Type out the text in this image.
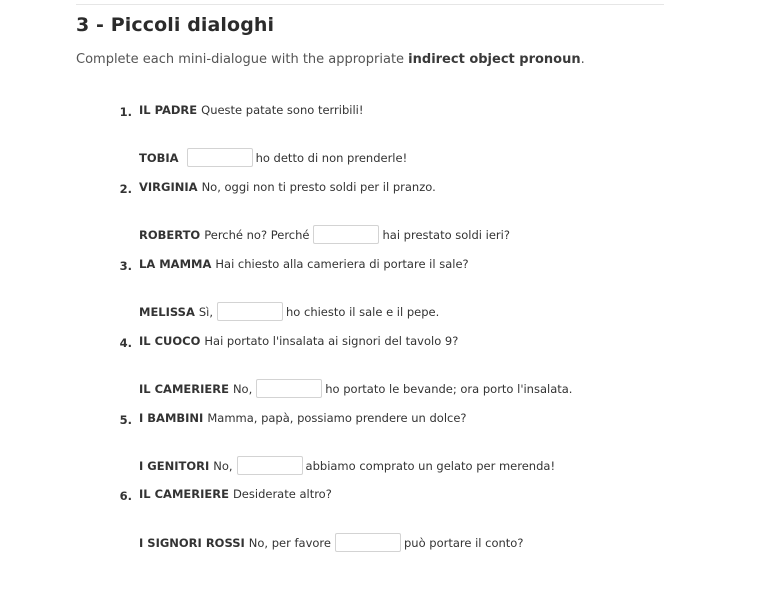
3 - Piccoli dialoghi

Complete each mini-dialogue with the appropriate indirect object pronoun.

1. IL PADRE Queste patate sono terribili!
TOBIA	ho detto di non prenderle!
2. VIRGINIA No, oggi non ti presto soldi per il pranzo.
ROBERTO Perché no? Perché	hai prestato soldi ieri?
3. LA MAMMA Hai chiesto alla cameriera di portare il sale?
MELISSA Sì,	ho chiesto il sale e il pepe.
4. IL CUOCO Hai portato l'insalata ai signori del tavolo 9?
IL CAMERIERE No,	ho portato le bevande; ora porto l'insalata.
5. I BAMBINI Mamma, papà, possiamo prendere un dolce?
I GENITORI No,	abbiamo comprato un gelato per merenda!
6. IL CAMERIERE Desiderate altro?
I SIGNORI ROSSI No, per favore	può portare il conto?
